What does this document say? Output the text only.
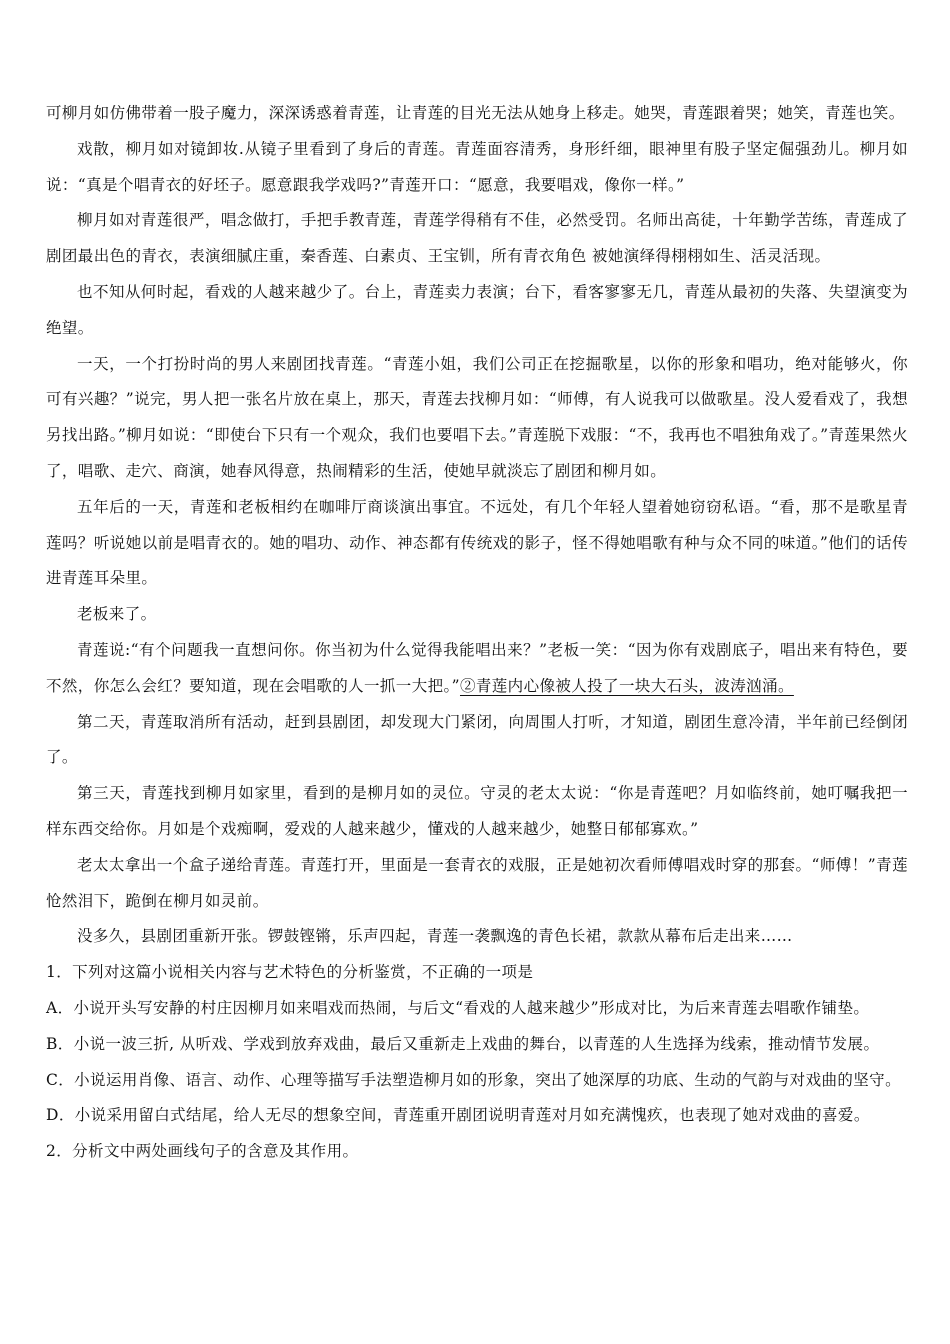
可柳月如仿佛带着一股子魔力，深深诱惑着青莲，让青莲的目光无法从她身上移走。她哭，青莲跟着哭；她笑，青莲也笑。

戏散，柳月如对镜卸妆.从镜子里看到了身后的青莲。青莲面容清秀，身形纤细，眼神里有股子坚定倔强劲儿。柳月如说：“真是个唱青衣的好坯子。愿意跟我学戏吗?”青莲开口：“愿意，我要唱戏，像你一样。”

柳月如对青莲很严，唱念做打，手把手教青莲，青莲学得稍有不佳，必然受罚。名师出高徒，十年勤学苦练，青莲成了剧团最出色的青衣，表演细腻庄重，秦香莲、白素贞、王宝钏，所有青衣角色 被她演绎得栩栩如生、活灵活现。

也不知从何时起，看戏的人越来越少了。台上，青莲卖力表演；台下，看客寥寥无几，青莲从最初的失落、失望演变为绝望。

一天，一个打扮时尚的男人来剧团找青莲。“青莲小姐，我们公司正在挖掘歌星，以你的形象和唱功，绝对能够火，你可有兴趣？”说完，男人把一张名片放在桌上，那天，青莲去找柳月如：“师傅，有人说我可以做歌星。没人爱看戏了，我想另找出路。”柳月如说：“即使台下只有一个观众，我们也要唱下去。”青莲脱下戏服：“不，我再也不唱独角戏了。”青莲果然火了，唱歌、走穴、商演，她春风得意，热闹精彩的生活，使她早就淡忘了剧团和柳月如。

五年后的一天，青莲和老板相约在咖啡厅商谈演出事宜。不远处，有几个年轻人望着她窃窃私语。“看，那不是歌星青莲吗？听说她以前是唱青衣的。她的唱功、动作、神态都有传统戏的影子，怪不得她唱歌有种与众不同的味道。”他们的话传进青莲耳朵里。

老板来了。

青莲说:“有个问题我一直想问你。你当初为什么觉得我能唱出来？”老板一笑：“因为你有戏剧底子，唱出来有特色，要不然，你怎么会红？要知道，现在会唱歌的人一抓一大把。”②青莲内心像被人投了一块大石头，波涛汹涌。

第二天，青莲取消所有活动，赶到县剧团，却发现大门紧闭，向周围人打听，才知道，剧团生意冷清，半年前已经倒闭了。

第三天，青莲找到柳月如家里，看到的是柳月如的灵位。守灵的老太太说：“你是青莲吧？月如临终前，她叮嘱我把一样东西交给你。月如是个戏痴啊，爱戏的人越来越少，懂戏的人越来越少，她整日郁郁寡欢。”

老太太拿出一个盒子递给青莲。青莲打开，里面是一套青衣的戏服，正是她初次看师傅唱戏时穿的那套。“师傅！”青莲怆然泪下，跪倒在柳月如灵前。

没多久，县剧团重新开张。锣鼓铿锵，乐声四起，青莲一袭飘逸的青色长裙，款款从幕布后走出来……

1．下列对这篇小说相关内容与艺术特色的分析鉴赏，不正确的一项是

A．小说开头写安静的村庄因柳月如来唱戏而热闹，与后文“看戏的人越来越少”形成对比，为后来青莲去唱歌作铺垫。

B．小说一波三折, 从听戏、学戏到放弃戏曲，最后又重新走上戏曲的舞台，以青莲的人生选择为线索，推动情节发展。

C．小说运用肖像、语言、动作、心理等描写手法塑造柳月如的形象，突出了她深厚的功底、生动的气韵与对戏曲的坚守。

D．小说采用留白式结尾，给人无尽的想象空间，青莲重开剧团说明青莲对月如充满愧疚，也表现了她对戏曲的喜爱。

2．分析文中两处画线句子的含意及其作用。
